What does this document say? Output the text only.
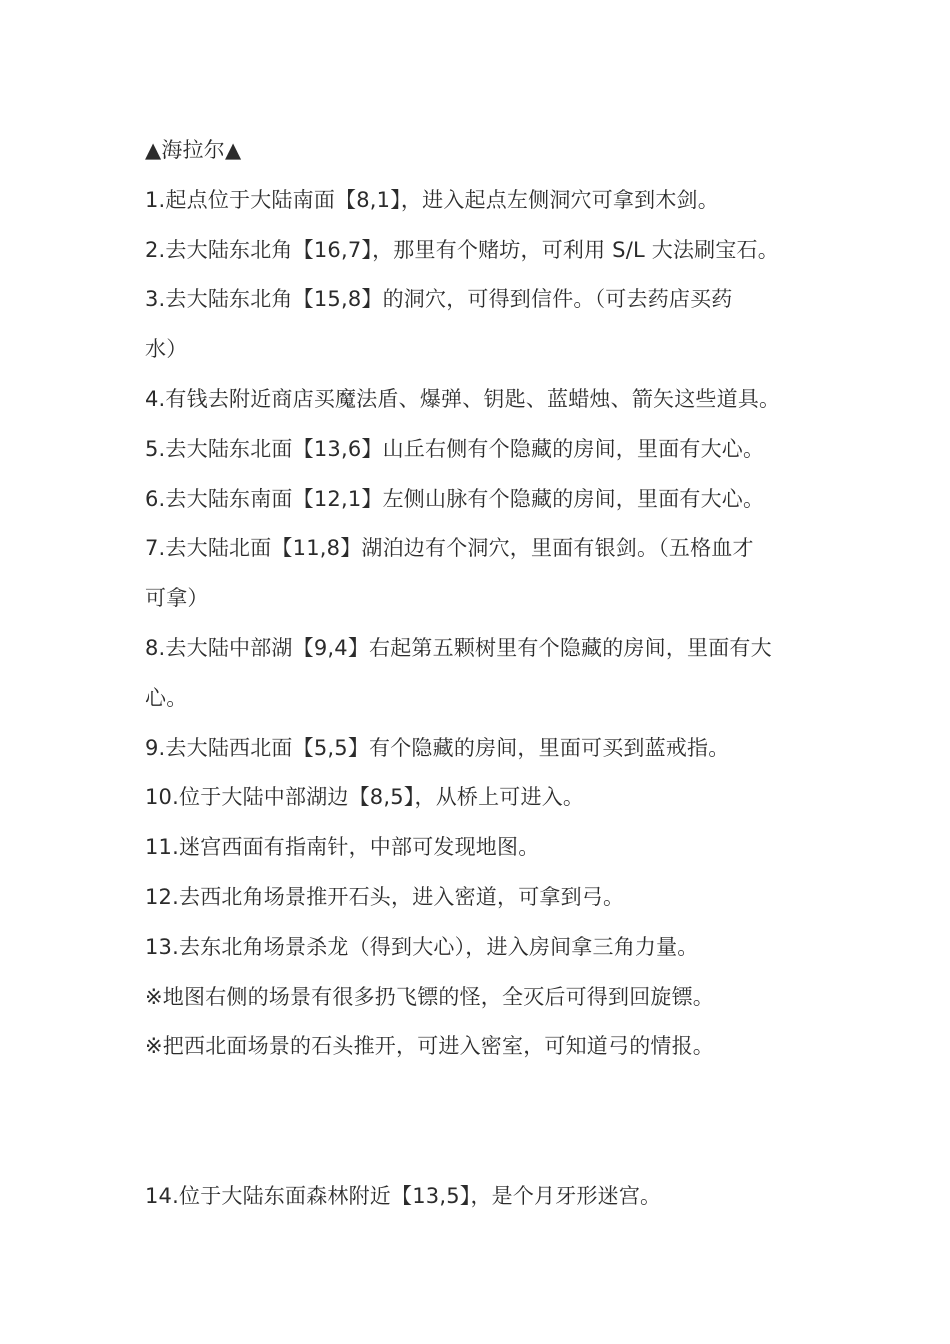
▲海拉尔▲
1.起点位于大陆南面【8,1】，进入起点左侧洞穴可拿到木剑。
2.去大陆东北角【16,7】，那里有个赌坊，可利用 S/L 大法刷宝石。
3.去大陆东北角【15,8】的洞穴，可得到信件。（可去药店买药
水）
4.有钱去附近商店买魔法盾、爆弹、钥匙、蓝蜡烛、箭矢这些道具。
5.去大陆东北面【13,6】山丘右侧有个隐藏的房间，里面有大心。
6.去大陆东南面【12,1】左侧山脉有个隐藏的房间，里面有大心。
7.去大陆北面【11,8】湖泊边有个洞穴，里面有银剑。（五格血才
可拿）
8.去大陆中部湖【9,4】右起第五颗树里有个隐藏的房间，里面有大
心。
9.去大陆西北面【5,5】有个隐藏的房间，里面可买到蓝戒指。
10.位于大陆中部湖边【8,5】，从桥上可进入。
11.迷宫西面有指南针，中部可发现地图。
12.去西北角场景推开石头，进入密道，可拿到弓。
13.去东北角场景杀龙（得到大心），进入房间拿三角力量。
※地图右侧的场景有很多扔飞镖的怪，全灭后可得到回旋镖。
※把西北面场景的石头推开，可进入密室，可知道弓的情报。
14.位于大陆东面森林附近【13,5】，是个月牙形迷宫。
